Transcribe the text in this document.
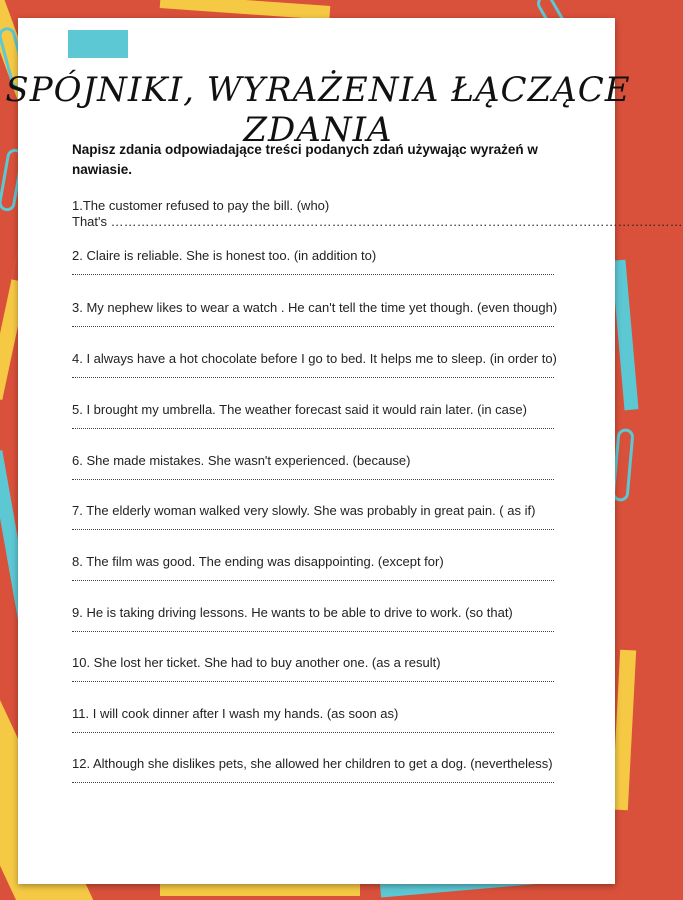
SPÓJNIKI, WYRAŻENIA ŁĄCZĄCE ZDANIA
Napisz zdania odpowiadające treści podanych zdań używając wyrażeń w nawiasie.
1.The customer refused to pay the bill. (who)
That's ……………………………………………………………………………………………………………………
2. Claire is reliable. She is honest too. (in addition to)
3. My nephew likes to wear a watch . He can't tell the time yet though. (even though)
4. I always have a hot chocolate before I go to bed. It helps me to sleep. (in order to)
5. I brought my umbrella. The weather forecast said it would rain later. (in case)
6. She made mistakes. She wasn't experienced. (because)
7. The elderly woman walked very slowly. She was probably in great pain. ( as if)
8. The film was good. The ending was disappointing. (except for)
9. He is taking driving lessons. He wants to be able to drive to work. (so that)
10. She lost her ticket. She had to buy another one. (as a result)
11. I will cook dinner after I wash my hands. (as soon as)
12. Although she dislikes pets, she allowed her children to get a dog. (nevertheless)
